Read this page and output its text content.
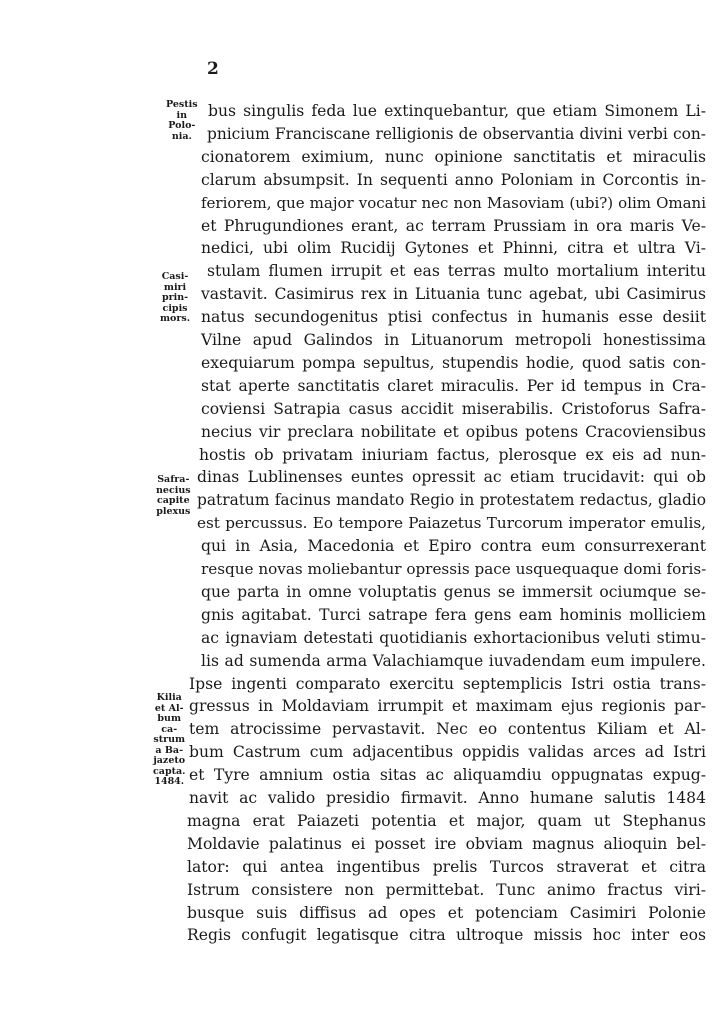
2
bus singulis feda lue extinquebantur, que etiam Simonem Li-
pnicium Franciscane relligionis de observantia divini verbi con-
cionatorem eximium, nunc opinione sanctitatis et miraculis
clarum absumpsit. In sequenti anno Poloniam in Corcontis in-
feriorem, que major vocatur nec non Masoviam (ubi?) olim Omani
et Phrugundiones erant, ac terram Prussiam in ora maris Ve-
nedici, ubi olim Rucidij Gytones et Phinni, citra et ultra Vi-
stulam flumen irrupit et eas terras multo mortalium interitu
vastavit. Casimirus rex in Lituania tunc agebat, ubi Casimirus
natus secundogenitus ptisi confectus in humanis esse desiit
Vilne apud Galindos in Lituanorum metropoli honestissima
exequiarum pompa sepultus, stupendis hodie, quod satis con-
stat aperte sanctitatis claret miraculis. Per id tempus in Cra-
coviensi Satrapia casus accidit miserabilis. Cristoforus Safra-
necius vir preclara nobilitate et opibus potens Cracoviensibus
hostis ob privatam iniuriam factus, plerosque ex eis ad nun-
dinas Lublinenses euntes opressit ac etiam trucidavit: qui ob
patratum facinus mandato Regio in protestatem redactus, gladio
est percussus. Eo tempore Paiazetus Turcorum imperator emulis,
qui in Asia, Macedonia et Epiro contra eum consurrexerant
resque novas moliebantur opressis pace usquequaque domi foris-
que parta in omne voluptatis genus se immersit ociumque se-
gnis agitabat. Turci satrape fera gens eam hominis molliciem
ac ignaviam detestati quotidianis exhortacionibus veluti stimu-
lis ad sumenda arma Valachiamque iuvadendam eum impulere.
Ipse ingenti comparato exercitu septemplicis Istri ostia trans-
gressus in Moldaviam irrumpit et maximam ejus regionis par-
tem atrocissime pervastavit. Nec eo contentus Kiliam et Al-
bum Castrum cum adjacentibus oppidis validas arces ad Istri
et Tyre amnium ostia sitas ac aliquamdiu oppugnatas expug-
navit ac valido presidio firmavit. Anno humane salutis 1484
magna erat Paiazeti potentia et major, quam ut Stephanus
Moldavie palatinus ei posset ire obviam magnus alioquin bel-
lator: qui antea ingentibus prelis Turcos straverat et citra
Istrum consistere non permittebat. Tunc animo fractus viri-
busque suis diffisus ad opes et potenciam Casimiri Polonie
Regis confugit legatisque citra ultroque missis hoc inter eos
Pestis
in
Polo-
nia.
Casi-
miri
prin-
cipis
mors.
Safra-
necius
capite
plexus
Kilia
et Al-
bum
ca-
strum
a Ba-
jazeto
capta.
1484.
